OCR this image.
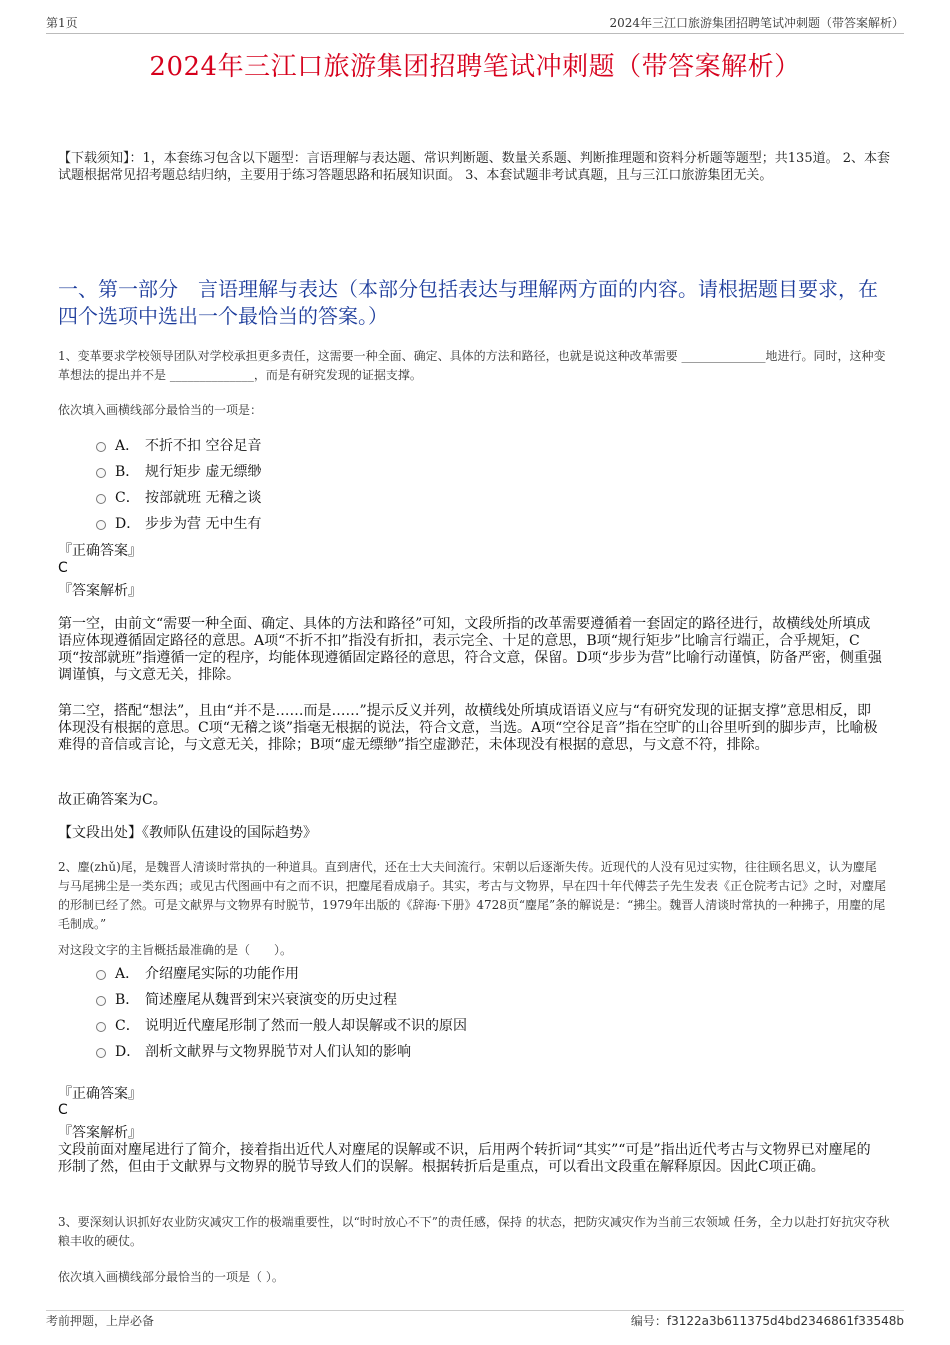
第1页	2024年三江口旅游集团招聘笔试冲刺题（带答案解析）
2024年三江口旅游集团招聘笔试冲刺题（带答案解析）

【下载须知】：1，本套练习包含以下题型：言语理解与表达题、常识判断题、数量关系题、判断推理题和资料分析题等题型；共135道。 2、本套试题根据常见招考题总结归纳，主要用于练习答题思路和拓展知识面。 3、本套试题非考试真题，且与三江口旅游集团无关。

一、第一部分　言语理解与表达（本部分包括表达与理解两方面的内容。请根据题目要求，在四个选项中选出一个最恰当的答案。）

1、变革要求学校领导团队对学校承担更多责任，这需要一种全面、确定、具体的方法和路径，也就是说这种改革需要 ______________地进行。同时，这种变革想法的提出并不是 ______________，而是有研究发现的证据支撑。

依次填入画横线部分最恰当的一项是：

A． 不折不扣 空谷足音
B． 规行矩步 虚无缥缈
C． 按部就班 无稽之谈
D． 步步为营 无中生有
『正确答案』
C
『答案解析』

第一空，由前文“需要一种全面、确定、具体的方法和路径”可知，文段所指的改革需要遵循着一套固定的路径进行，故横线处所填成语应体现遵循固定路径的意思。A项“不折不扣”指没有折扣，表示完全、十足的意思，B项“规行矩步”比喻言行端正，合乎规矩，C项“按部就班”指遵循一定的程序，均能体现遵循固定路径的意思，符合文意，保留。D项“步步为营”比喻行动谨慎，防备严密，侧重强调谨慎，与文意无关，排除。

第二空，搭配“想法”，且由“并不是……而是……”提示反义并列，故横线处所填成语语义应与“有研究发现的证据支撑”意思相反，即体现没有根据的意思。C项“无稽之谈”指毫无根据的说法，符合文意，当选。A项“空谷足音”指在空旷的山谷里听到的脚步声，比喻极难得的音信或言论，与文意无关，排除；B项“虚无缥缈”指空虚渺茫，未体现没有根据的意思，与文意不符，排除。

故正确答案为C。

【文段出处】《教师队伍建设的国际趋势》

2、麈(zhǔ)尾，是魏晋人清谈时常执的一种道具。直到唐代，还在士大夫间流行。宋朝以后逐渐失传。近现代的人没有见过实物，往往顾名思义，认为麈尾与马尾拂尘是一类东西；或见古代图画中有之而不识，把麈尾看成扇子。其实，考古与文物界，早在四十年代傅芸子先生发表《正仓院考古记》之时，对麈尾的形制已经了然。可是文献界与文物界有时脱节，1979年出版的《辞海·下册》4728页“麈尾”条的解说是：“拂尘。魏晋人清谈时常执的一种拂子，用麈的尾毛制成。”

对这段文字的主旨概括最准确的是（　　）。

A． 介绍麈尾实际的功能作用
B． 简述麈尾从魏晋到宋兴衰演变的历史过程
C． 说明近代麈尾形制了然而一般人却误解或不识的原因
D． 剖析文献界与文物界脱节对人们认知的影响
『正确答案』
C
『答案解析』

文段前面对麈尾进行了简介，接着指出近代人对麈尾的误解或不识，后用两个转折词“其实”“可是”指出近代考古与文物界已对麈尾的形制了然，但由于文献界与文物界的脱节导致人们的误解。根据转折后是重点，可以看出文段重在解释原因。因此C项正确。

3、要深刻认识抓好农业防灾减灾工作的极端重要性，以“时时放心不下”的责任感，保持 的状态，把防灾减灾作为当前三农领域 任务，全力以赴打好抗灾夺秋粮丰收的硬仗。

依次填入画横线部分最恰当的一项是（ ）。

考前押题，上岸必备	编号：f3122a3b611375d4bd2346861f33548b
